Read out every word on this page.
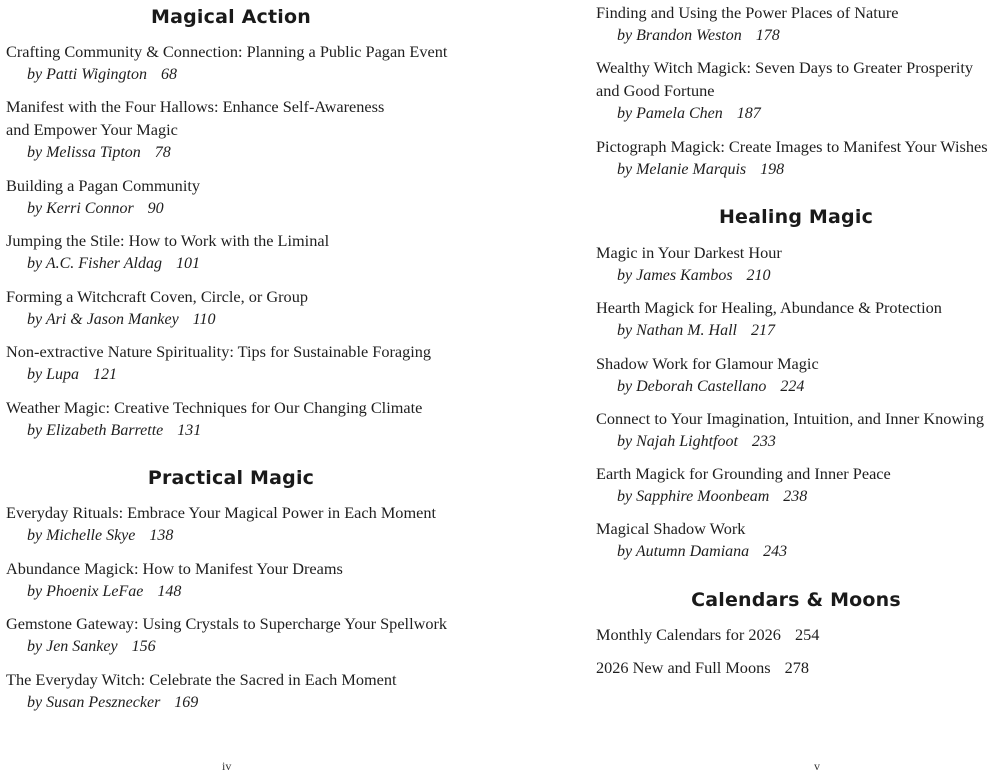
Magical Action
Crafting Community & Connection: Planning a Public Pagan Event
by Patti Wigington 68
Manifest with the Four Hallows: Enhance Self-Awareness
and Empower Your Magic
by Melissa Tipton 78
Building a Pagan Community
by Kerri Connor 90
Jumping the Stile: How to Work with the Liminal
by A.C. Fisher Aldag 101
Forming a Witchcraft Coven, Circle, or Group
by Ari & Jason Mankey 110
Non-extractive Nature Spirituality: Tips for Sustainable Foraging
by Lupa 121
Weather Magic: Creative Techniques for Our Changing Climate
by Elizabeth Barrette 131
Practical Magic
Everyday Rituals: Embrace Your Magical Power in Each Moment
by Michelle Skye 138
Abundance Magick: How to Manifest Your Dreams
by Phoenix LeFae 148
Gemstone Gateway: Using Crystals to Supercharge Your Spellwork
by Jen Sankey 156
The Everyday Witch: Celebrate the Sacred in Each Moment
by Susan Pesznecker 169
iv
Finding and Using the Power Places of Nature
by Brandon Weston 178
Wealthy Witch Magick: Seven Days to Greater Prosperity
and Good Fortune
by Pamela Chen 187
Pictograph Magick: Create Images to Manifest Your Wishes
by Melanie Marquis 198
Healing Magic
Magic in Your Darkest Hour
by James Kambos 210
Hearth Magick for Healing, Abundance & Protection
by Nathan M. Hall 217
Shadow Work for Glamour Magic
by Deborah Castellano 224
Connect to Your Imagination, Intuition, and Inner Knowing
by Najah Lightfoot 233
Earth Magick for Grounding and Inner Peace
by Sapphire Moonbeam 238
Magical Shadow Work
by Autumn Damiana 243
Calendars & Moons
Monthly Calendars for 2026 254
2026 New and Full Moons 278
v
